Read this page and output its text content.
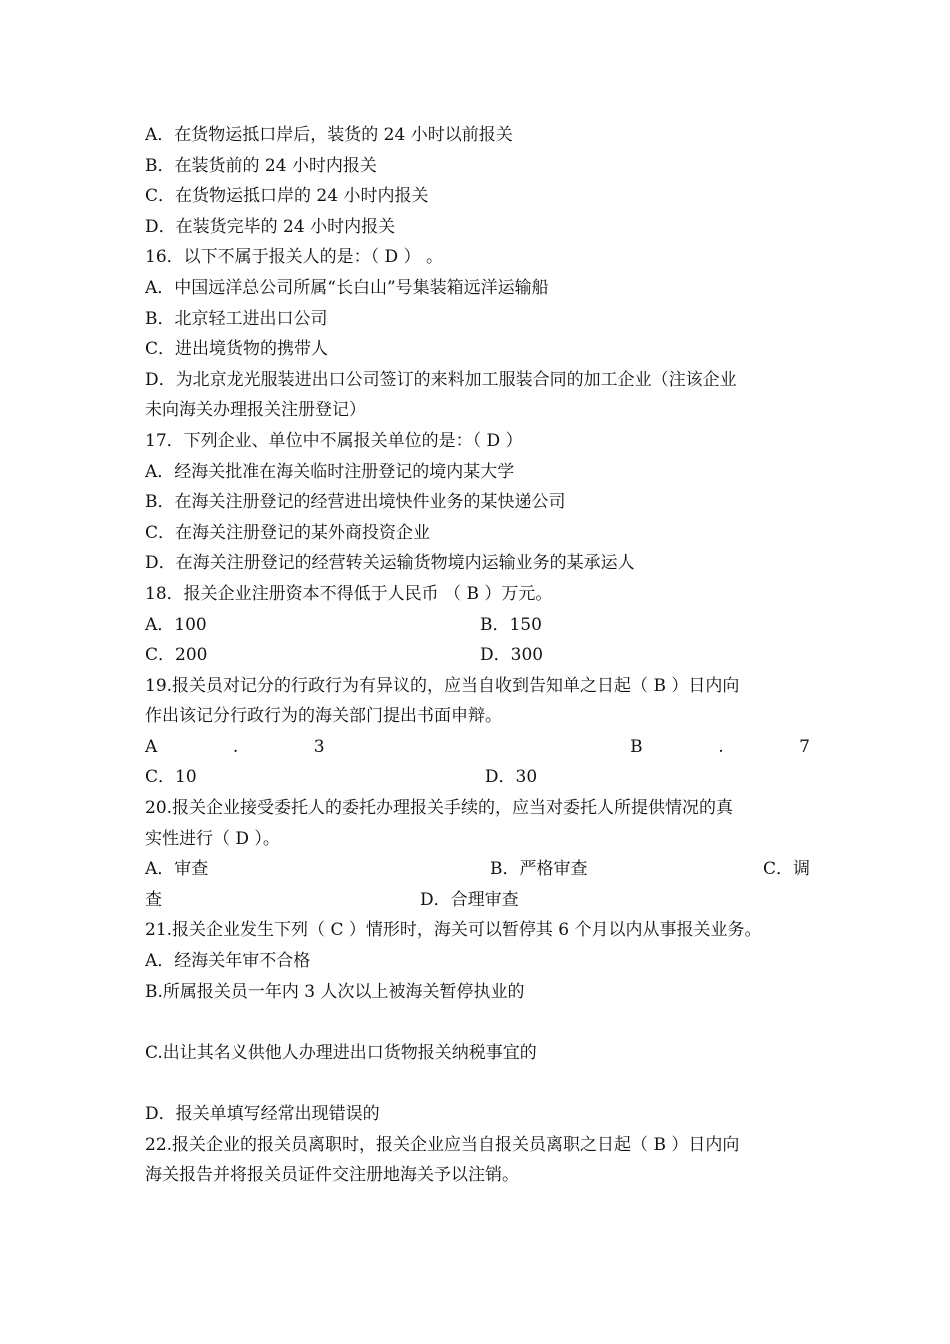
A．在货物运抵口岸后，装货的 24 小时以前报关
B．在装货前的 24 小时内报关
C．在货物运抵口岸的 24 小时内报关
D．在装货完毕的 24 小时内报关
16．以下不属于报关人的是：（ D ） 。
A．中国远洋总公司所属“长白山”号集装箱远洋运输船
B．北京轻工进出口公司
C．进出境货物的携带人
D．为北京龙光服装进出口公司签订的来料加工服装合同的加工企业（注该企业
未向海关办理报关注册登记）
17．下列企业、单位中不属报关单位的是：（ D ）
A．经海关批准在海关临时注册登记的境内某大学
B．在海关注册登记的经营进出境快件业务的某快递公司
C．在海关注册登记的某外商投资企业
D．在海关注册登记的经营转关运输货物境内运输业务的某承运人
18．报关企业注册资本不得低于人民币 （ B ）万元。
A．100	B．150
C．200	D．300
19.报关员对记分的行政行为有异议的，应当自收到告知单之日起（ B ）日内向
作出该记分行政行为的海关部门提出书面申辩。
A	.	3	B	.	7
C．10	D．30
20.报关企业接受委托人的委托办理报关手续的，应当对委托人所提供情况的真
实性进行（ D ）。
A．审查	B．严格审查	C．调
查	D．合理审查
21.报关企业发生下列（ C ）情形时，海关可以暂停其 6 个月以内从事报关业务。
A．经海关年审不合格
B.所属报关员一年内 3 人次以上被海关暂停执业的
C.出让其名义供他人办理进出口货物报关纳税事宜的
D．报关单填写经常出现错误的
22.报关企业的报关员离职时，报关企业应当自报关员离职之日起（ B ）日内向
海关报告并将报关员证件交注册地海关予以注销。
